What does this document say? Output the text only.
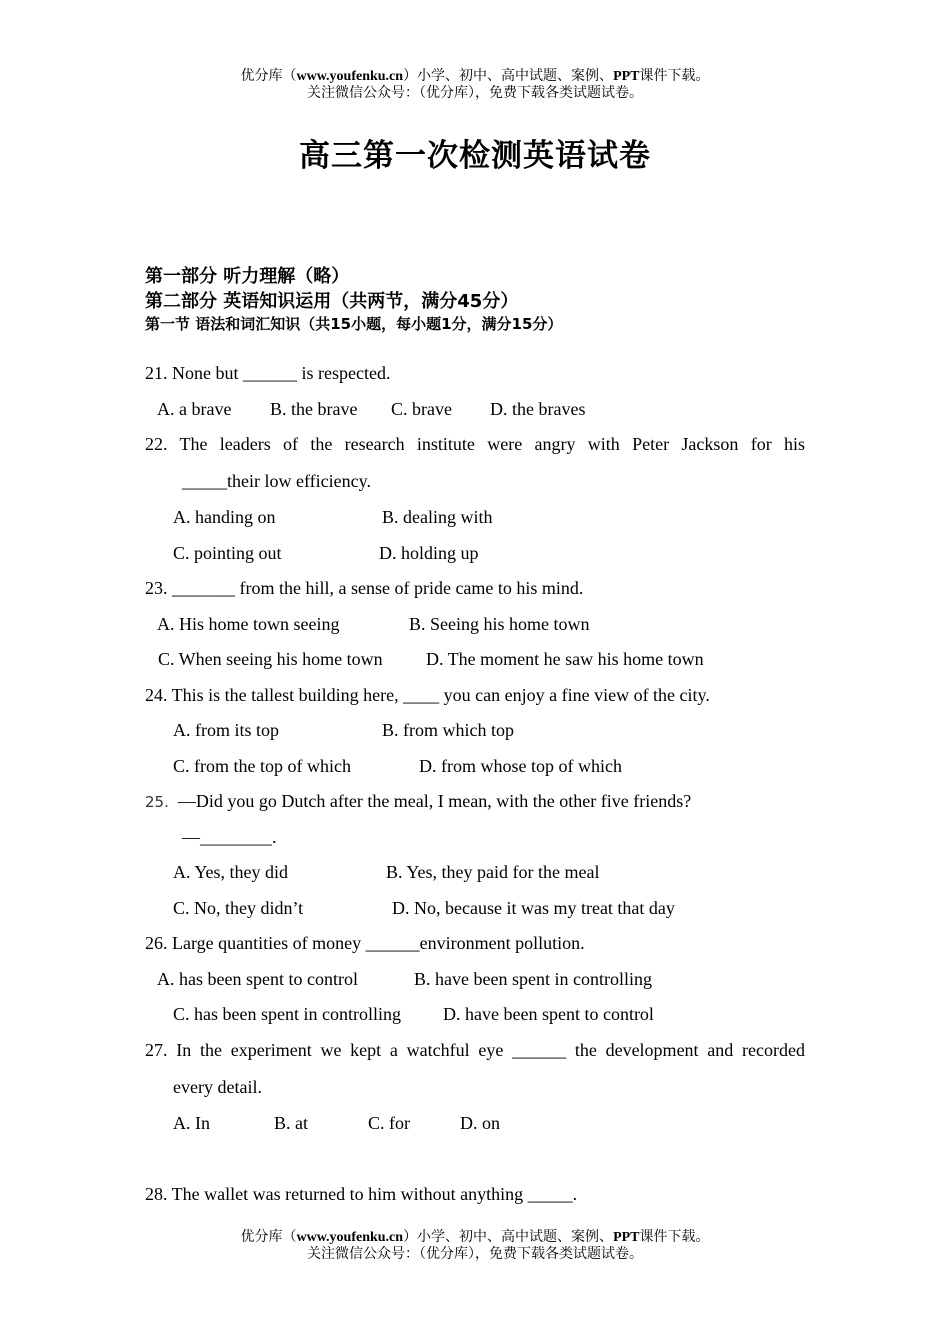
优分库（www.youfenku.cn）小学、初中、高中试题、案例、PPT课件下载。
关注微信公众号：（优分库），免费下载各类试题试卷。
高三第一次检测英语试卷
第一部分 听力理解（略）
第二部分 英语知识运用（共两节，满分45分）
第一节 语法和词汇知识（共15小题，每小题1分，满分15分）
21. None but ______ is respected.
A. a brave B. the brave C. brave D. the braves
22. The leaders of the research institute were angry with Peter Jackson for his
_____their low efficiency.
A. handing on	B. dealing with
C. pointing out	D. holding up
23. _______ from the hill, a sense of pride came to his mind.
A. His home town seeing	B. Seeing his home town
C. When seeing his home town D. The moment he saw his home town
24. This is the tallest building here, ____ you can enjoy a fine view of the city.
A. from its top	B. from which top
C. from the top of which	D. from whose top of which
25. —Did you go Dutch after the meal, I mean, with the other five friends?
—________.
A. Yes, they did	B. Yes, they paid for the meal
C. No, they didn’t	D. No, because it was my treat that day
26. Large quantities of money ______environment pollution.
A. has been spent to control	B. have been spent in controlling
C. has been spent in controlling D. have been spent to control
27. In the experiment we kept a watchful eye ______ the development and recorded
every detail.
A. In	B. at	C. for	D. on
28. The wallet was returned to him without anything _____.
优分库（www.youfenku.cn）小学、初中、高中试题、案例、PPT课件下载。
关注微信公众号：（优分库），免费下载各类试题试卷。
